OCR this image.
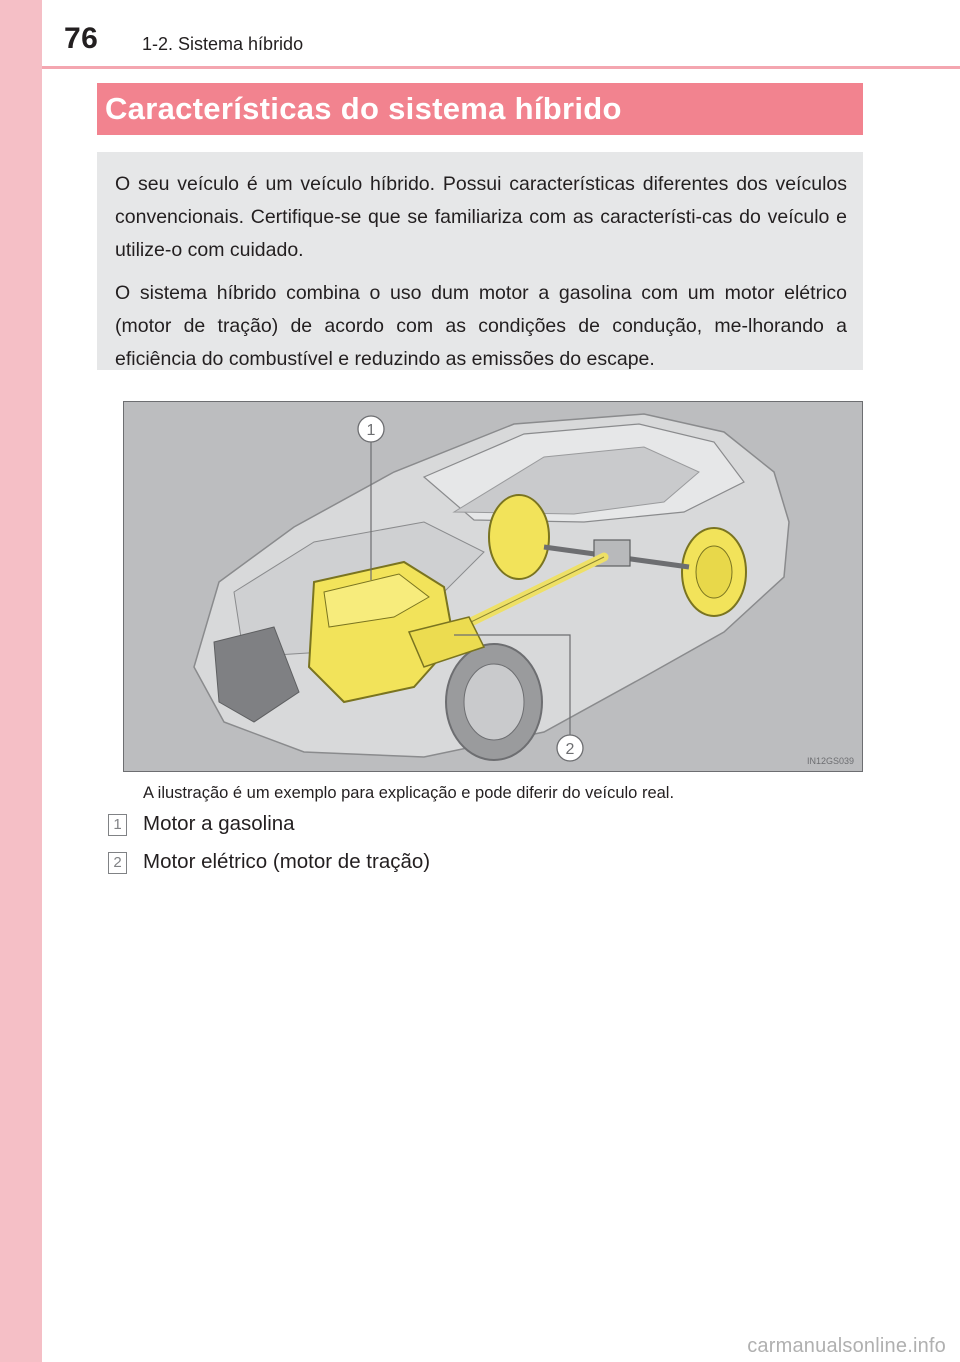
76 1-2. Sistema híbrido
Características do sistema híbrido

O seu veículo é um veículo híbrido. Possui características diferentes dos veículos convencionais. Certifique-se que se familiariza com as característi-cas do veículo e utilize-o com cuidado.

O sistema híbrido combina o uso dum motor a gasolina com um motor elétrico (motor de tração) de acordo com as condições de condução, me-lhorando a eficiência do combustível e reduzindo as emissões do escape.

1
2
IN12GS039
A ilustração é um exemplo para explicação e pode diferir do veículo real.
1 Motor a gasolina
2 Motor elétrico (motor de tração)
carmanualsonline.info
